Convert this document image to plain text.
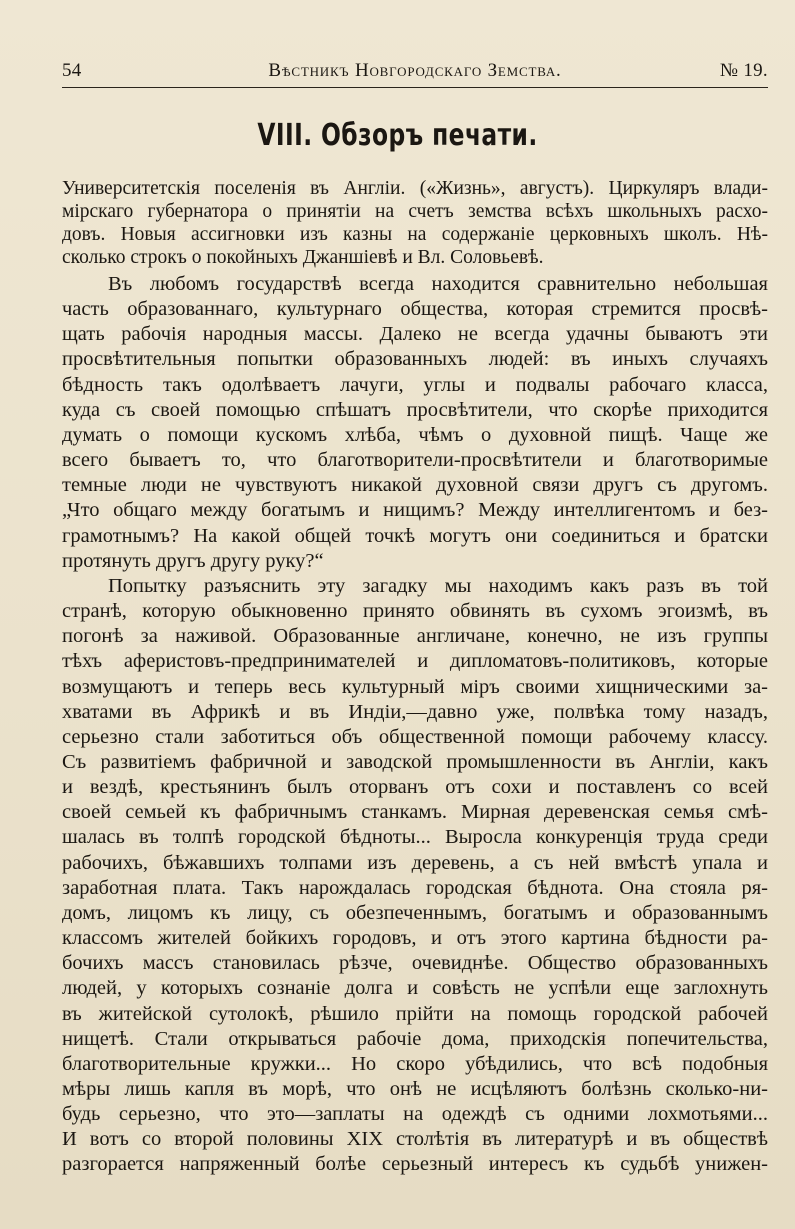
54	Вѣстникъ Новгородскаго Земства.	№ 19.
VIII. Обзоръ печати.
Университетскія поселенія въ Англіи. («Жизнь», августъ). Циркуляръ влади-
мірскаго губернатора о принятіи на счетъ земства всѣхъ школьныхъ расхо-
довъ. Новыя ассигновки изъ казны на содержаніе церковныхъ школъ. Нѣ-
сколько строкъ о покойныхъ Джаншіевѣ и Вл. Соловьевѣ.
Въ любомъ государствѣ всегда находится сравнительно небольшая
часть образованнаго, культурнаго общества, которая стремится просвѣ-
щать рабочія народныя массы. Далеко не всегда удачны бываютъ эти
просвѣтительныя попытки образованныхъ людей: въ иныхъ случаяхъ
бѣдность такъ одолѣваетъ лачуги, углы и подвалы рабочаго класса,
куда съ своей помощью спѣшатъ просвѣтители, что скорѣе приходится
думать о помощи кускомъ хлѣба, чѣмъ о духовной пищѣ. Чаще же
всего бываетъ то, что благотворители-просвѣтители и благотворимые
темные люди не чувствуютъ никакой духовной связи другъ съ другомъ.
„Что общаго между богатымъ и нищимъ? Между интеллигентомъ и без-
грамотнымъ? На какой общей точкѣ могутъ они соединиться и братски
протянуть другъ другу руку?“
Попытку разъяснить эту загадку мы находимъ какъ разъ въ той
странѣ, которую обыкновенно принято обвинять въ сухомъ эгоизмѣ, въ
погонѣ за наживой. Образованные англичане, конечно, не изъ группы
тѣхъ аферистовъ-предпринимателей и дипломатовъ-политиковъ, которые
возмущаютъ и теперь весь культурный міръ своими хищническими за-
хватами въ Африкѣ и въ Индіи,—давно уже, полвѣка тому назадъ,
серьезно стали заботиться объ общественной помощи рабочему классу.
Съ развитіемъ фабричной и заводской промышленности въ Англіи, какъ
и вездѣ, крестьянинъ былъ оторванъ отъ сохи и поставленъ со всей
своей семьей къ фабричнымъ станкамъ. Мирная деревенская семья смѣ-
шалась въ толпѣ городской бѣдноты... Выросла конкуренція труда среди
рабочихъ, бѣжавшихъ толпами изъ деревень, а съ ней вмѣстѣ упала и
заработная плата. Такъ нарождалась городская бѣднота. Она стояла ря-
домъ, лицомъ къ лицу, съ обезпеченнымъ, богатымъ и образованнымъ
классомъ жителей бойкихъ городовъ, и отъ этого картина бѣдности ра-
бочихъ массъ становилась рѣзче, очевиднѣе. Общество образованныхъ
людей, у которыхъ сознаніе долга и совѣсть не успѣли еще заглохнуть
въ житейской сутолокѣ, рѣшило прійти на помощь городской рабочей
нищетѣ. Стали открываться рабочіе дома, приходскія попечительства,
благотворительные кружки... Но скоро убѣдились, что всѣ подобныя
мѣры лишь капля въ морѣ, что онѣ не исцѣляютъ болѣзнь сколько-ни-
будь серьезно, что это—заплаты на одеждѣ съ одними лохмотьями...
И вотъ со второй половины XIX столѣтія въ литературѣ и въ обществѣ
разгорается напряженный болѣе серьезный интересъ къ судьбѣ унижен-
